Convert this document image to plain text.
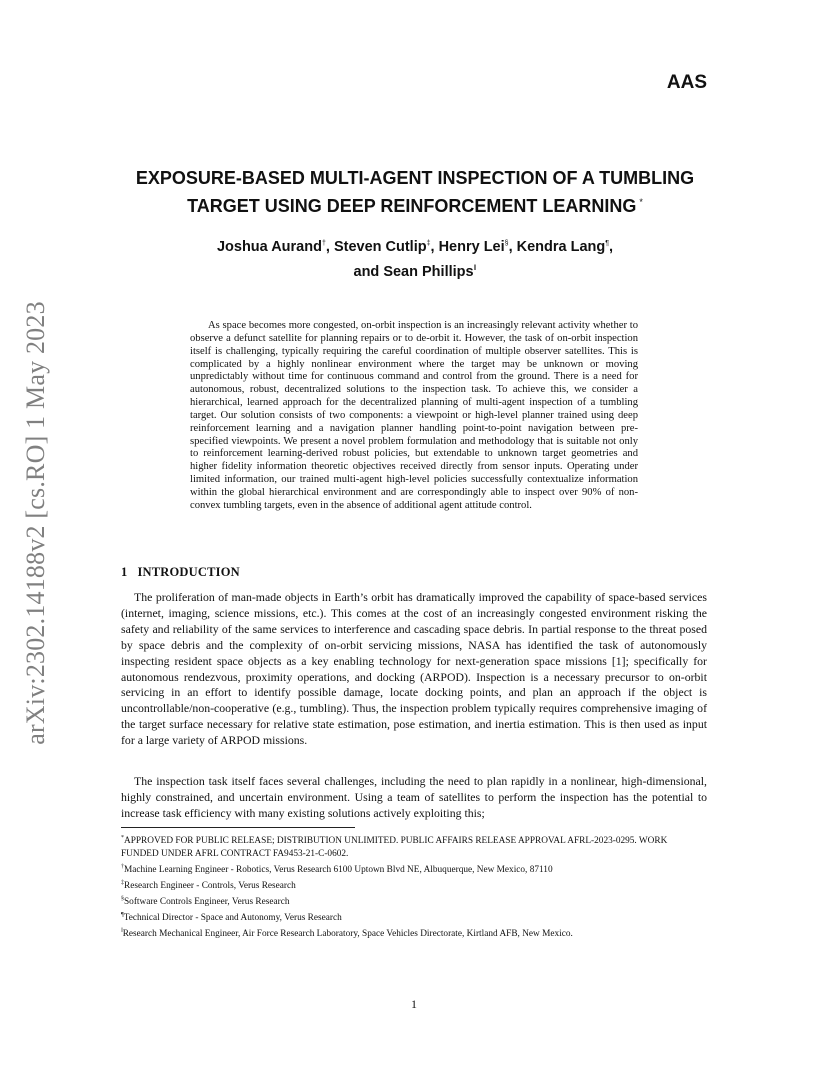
arXiv:2302.14188v2 [cs.RO] 1 May 2023
AAS
EXPOSURE-BASED MULTI-AGENT INSPECTION OF A TUMBLING
TARGET USING DEEP REINFORCEMENT LEARNING *
Joshua Aurand†, Steven Cutlip‡, Henry Lei§, Kendra Lang¶,
and Sean Phillips‖

As space becomes more congested, on-orbit inspection is an increasingly relevant activity whether to observe a defunct satellite for planning repairs or to de-orbit it. However, the task of on-orbit inspection itself is challenging, typically requiring the careful coordination of multiple observer satellites. This is complicated by a highly nonlinear environment where the target may be unknown or moving unpredictably without time for continuous command and control from the ground. There is a need for autonomous, robust, decentralized solutions to the inspection task. To achieve this, we consider a hierarchical, learned approach for the decentralized planning of multi-agent inspection of a tumbling target. Our solution consists of two components: a viewpoint or high-level planner trained using deep reinforcement learning and a navigation planner handling point-to-point navigation between pre-specified viewpoints. We present a novel problem formulation and methodology that is suitable not only to reinforcement learning-derived robust policies, but extendable to unknown target geometries and higher fidelity information theoretic objectives received directly from sensor inputs. Operating under limited information, our trained multi-agent high-level policies successfully contextualize information within the global hierarchical environment and are correspondingly able to inspect over 90% of non-convex tumbling targets, even in the absence of additional agent attitude control.

1 INTRODUCTION

The proliferation of man-made objects in Earth’s orbit has dramatically improved the capability of space-based services (internet, imaging, science missions, etc.). This comes at the cost of an increasingly congested environment risking the safety and reliability of the same services to interference and cascading space debris. In partial response to the threat posed by space debris and the complexity of on-orbit servicing missions, NASA has identified the task of autonomously inspecting resident space objects as a key enabling technology for next-generation space missions [1]; specifically for autonomous rendezvous, proximity operations, and docking (ARPOD). Inspection is a necessary precursor to on-orbit servicing in an effort to identify possible damage, locate docking points, and plan an approach if the object is uncontrollable/non-cooperative (e.g., tumbling). Thus, the inspection problem typically requires comprehensive imaging of the target surface necessary for relative state estimation, pose estimation, and inertia estimation. This is then used as input for a large variety of ARPOD missions.

The inspection task itself faces several challenges, including the need to plan rapidly in a nonlinear, high-dimensional, highly constrained, and uncertain environment. Using a team of satellites to perform the inspection has the potential to increase task efficiency with many existing solutions actively exploiting this;

*APPROVED FOR PUBLIC RELEASE; DISTRIBUTION UNLIMITED. PUBLIC AFFAIRS RELEASE APPROVAL AFRL-2023-0295. WORK FUNDED UNDER AFRL CONTRACT FA9453-21-C-0602.
†Machine Learning Engineer - Robotics, Verus Research 6100 Uptown Blvd NE, Albuquerque, New Mexico, 87110
‡Research Engineer - Controls, Verus Research
§Software Controls Engineer, Verus Research
¶Technical Director - Space and Autonomy, Verus Research
‖Research Mechanical Engineer, Air Force Research Laboratory, Space Vehicles Directorate, Kirtland AFB, New Mexico.
1
